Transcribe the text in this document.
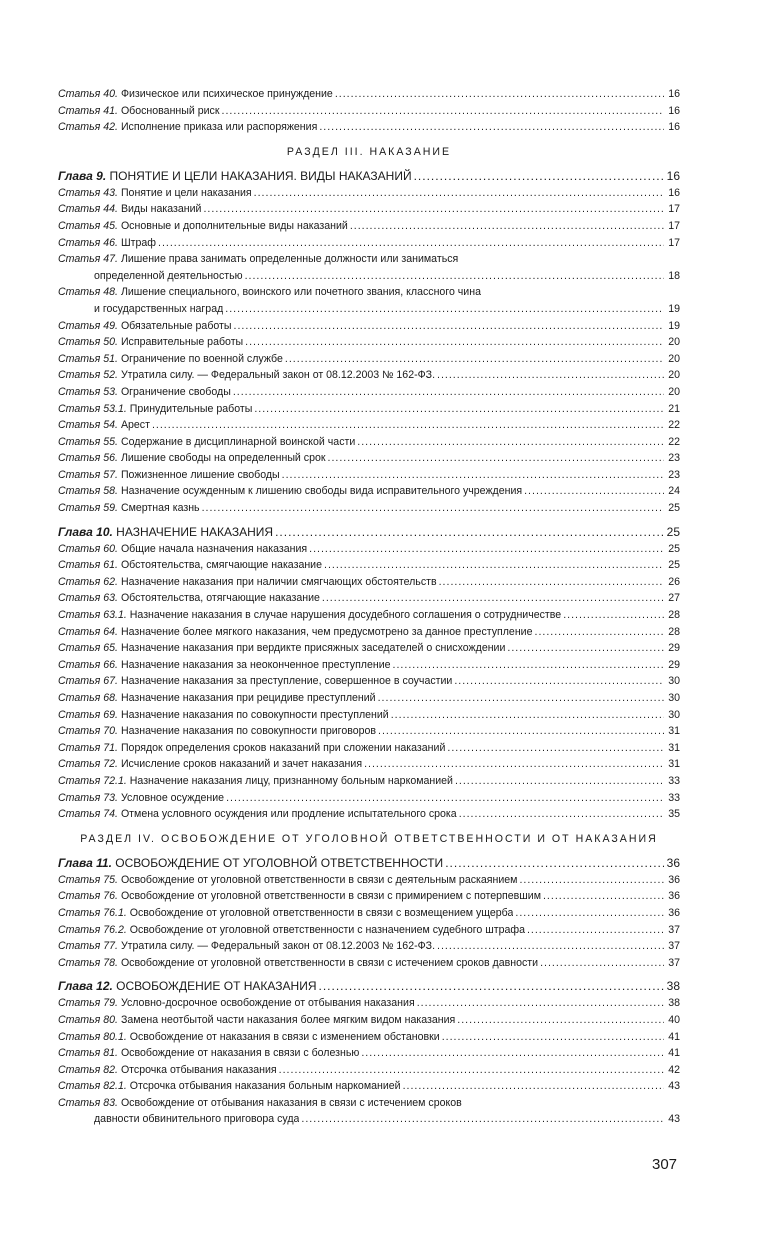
Статья 40. Физическое или психическое принуждение .....	16
Статья 41. Обоснованный риск .....	16
Статья 42. Исполнение приказа или распоряжения .....	16
РАЗДЕЛ III. НАКАЗАНИЕ
Глава 9. ПОНЯТИЕ И ЦЕЛИ НАКАЗАНИЯ. ВИДЫ НАКАЗАНИЙ .....	16
Статья 43. Понятие и цели наказания .....	16
Статья 44. Виды наказаний .....	17
Статья 45. Основные и дополнительные виды наказаний .....	17
Статья 46. Штраф .....	17
Статья 47. Лишение права занимать определенные должности или заниматься
определенной деятельностью .....	18
Статья 48. Лишение специального, воинского или почетного звания, классного чина
и государственных наград .....	19
Статья 49. Обязательные работы .....	19
Статья 50. Исправительные работы .....	20
Статья 51. Ограничение по военной службе .....	20
Статья 52. Утратила силу. — Федеральный закон от 08.12.2003 № 162-ФЗ. .....	20
Статья 53. Ограничение свободы .....	20
Статья 53.1. Принудительные работы .....	21
Статья 54. Арест .....	22
Статья 55. Содержание в дисциплинарной воинской части .....	22
Статья 56. Лишение свободы на определенный срок .....	23
Статья 57. Пожизненное лишение свободы .....	23
Статья 58. Назначение осужденным к лишению свободы вида исправительного учреждения .....	24
Статья 59. Смертная казнь .....	25
Глава 10. НАЗНАЧЕНИЕ НАКАЗАНИЯ .....	25
Статья 60. Общие начала назначения наказания .....	25
Статья 61. Обстоятельства, смягчающие наказание .....	25
Статья 62. Назначение наказания при наличии смягчающих обстоятельств .....	26
Статья 63. Обстоятельства, отягчающие наказание .....	27
Статья 63.1. Назначение наказания в случае нарушения досудебного соглашения о сотрудничестве .....	28
Статья 64. Назначение более мягкого наказания, чем предусмотрено за данное преступление .....	28
Статья 65. Назначение наказания при вердикте присяжных заседателей о снисхождении .....	29
Статья 66. Назначение наказания за неоконченное преступление .....	29
Статья 67. Назначение наказания за преступление, совершенное в соучастии .....	30
Статья 68. Назначение наказания при рецидиве преступлений .....	30
Статья 69. Назначение наказания по совокупности преступлений .....	30
Статья 70. Назначение наказания по совокупности приговоров .....	31
Статья 71. Порядок определения сроков наказаний при сложении наказаний .....	31
Статья 72. Исчисление сроков наказаний и зачет наказания .....	31
Статья 72.1. Назначение наказания лицу, признанному больным наркоманией .....	33
Статья 73. Условное осуждение .....	33
Статья 74. Отмена условного осуждения или продление испытательного срока .....	35
РАЗДЕЛ IV. ОСВОБОЖДЕНИЕ ОТ УГОЛОВНОЙ ОТВЕТСТВЕННОСТИ И ОТ НАКАЗАНИЯ
Глава 11. ОСВОБОЖДЕНИЕ ОТ УГОЛОВНОЙ ОТВЕТСТВЕННОСТИ .....	36
Статья 75. Освобождение от уголовной ответственности в связи с деятельным раскаянием .....	36
Статья 76. Освобождение от уголовной ответственности в связи с примирением с потерпевшим .....	36
Статья 76.1. Освобождение от уголовной ответственности в связи с возмещением ущерба .....	36
Статья 76.2. Освобождение от уголовной ответственности с назначением судебного штрафа .....	37
Статья 77. Утратила силу. — Федеральный закон от 08.12.2003 № 162-ФЗ. .....	37
Статья 78. Освобождение от уголовной ответственности в связи с истечением сроков давности .....	37
Глава 12. ОСВОБОЖДЕНИЕ ОТ НАКАЗАНИЯ .....	38
Статья 79. Условно-досрочное освобождение от отбывания наказания .....	38
Статья 80. Замена неотбытой части наказания более мягким видом наказания .....	40
Статья 80.1. Освобождение от наказания в связи с изменением обстановки .....	41
Статья 81. Освобождение от наказания в связи с болезнью .....	41
Статья 82. Отсрочка отбывания наказания .....	42
Статья 82.1. Отсрочка отбывания наказания больным наркоманией .....	43
Статья 83. Освобождение от отбывания наказания в связи с истечением сроков
давности обвинительного приговора суда .....	43
307
